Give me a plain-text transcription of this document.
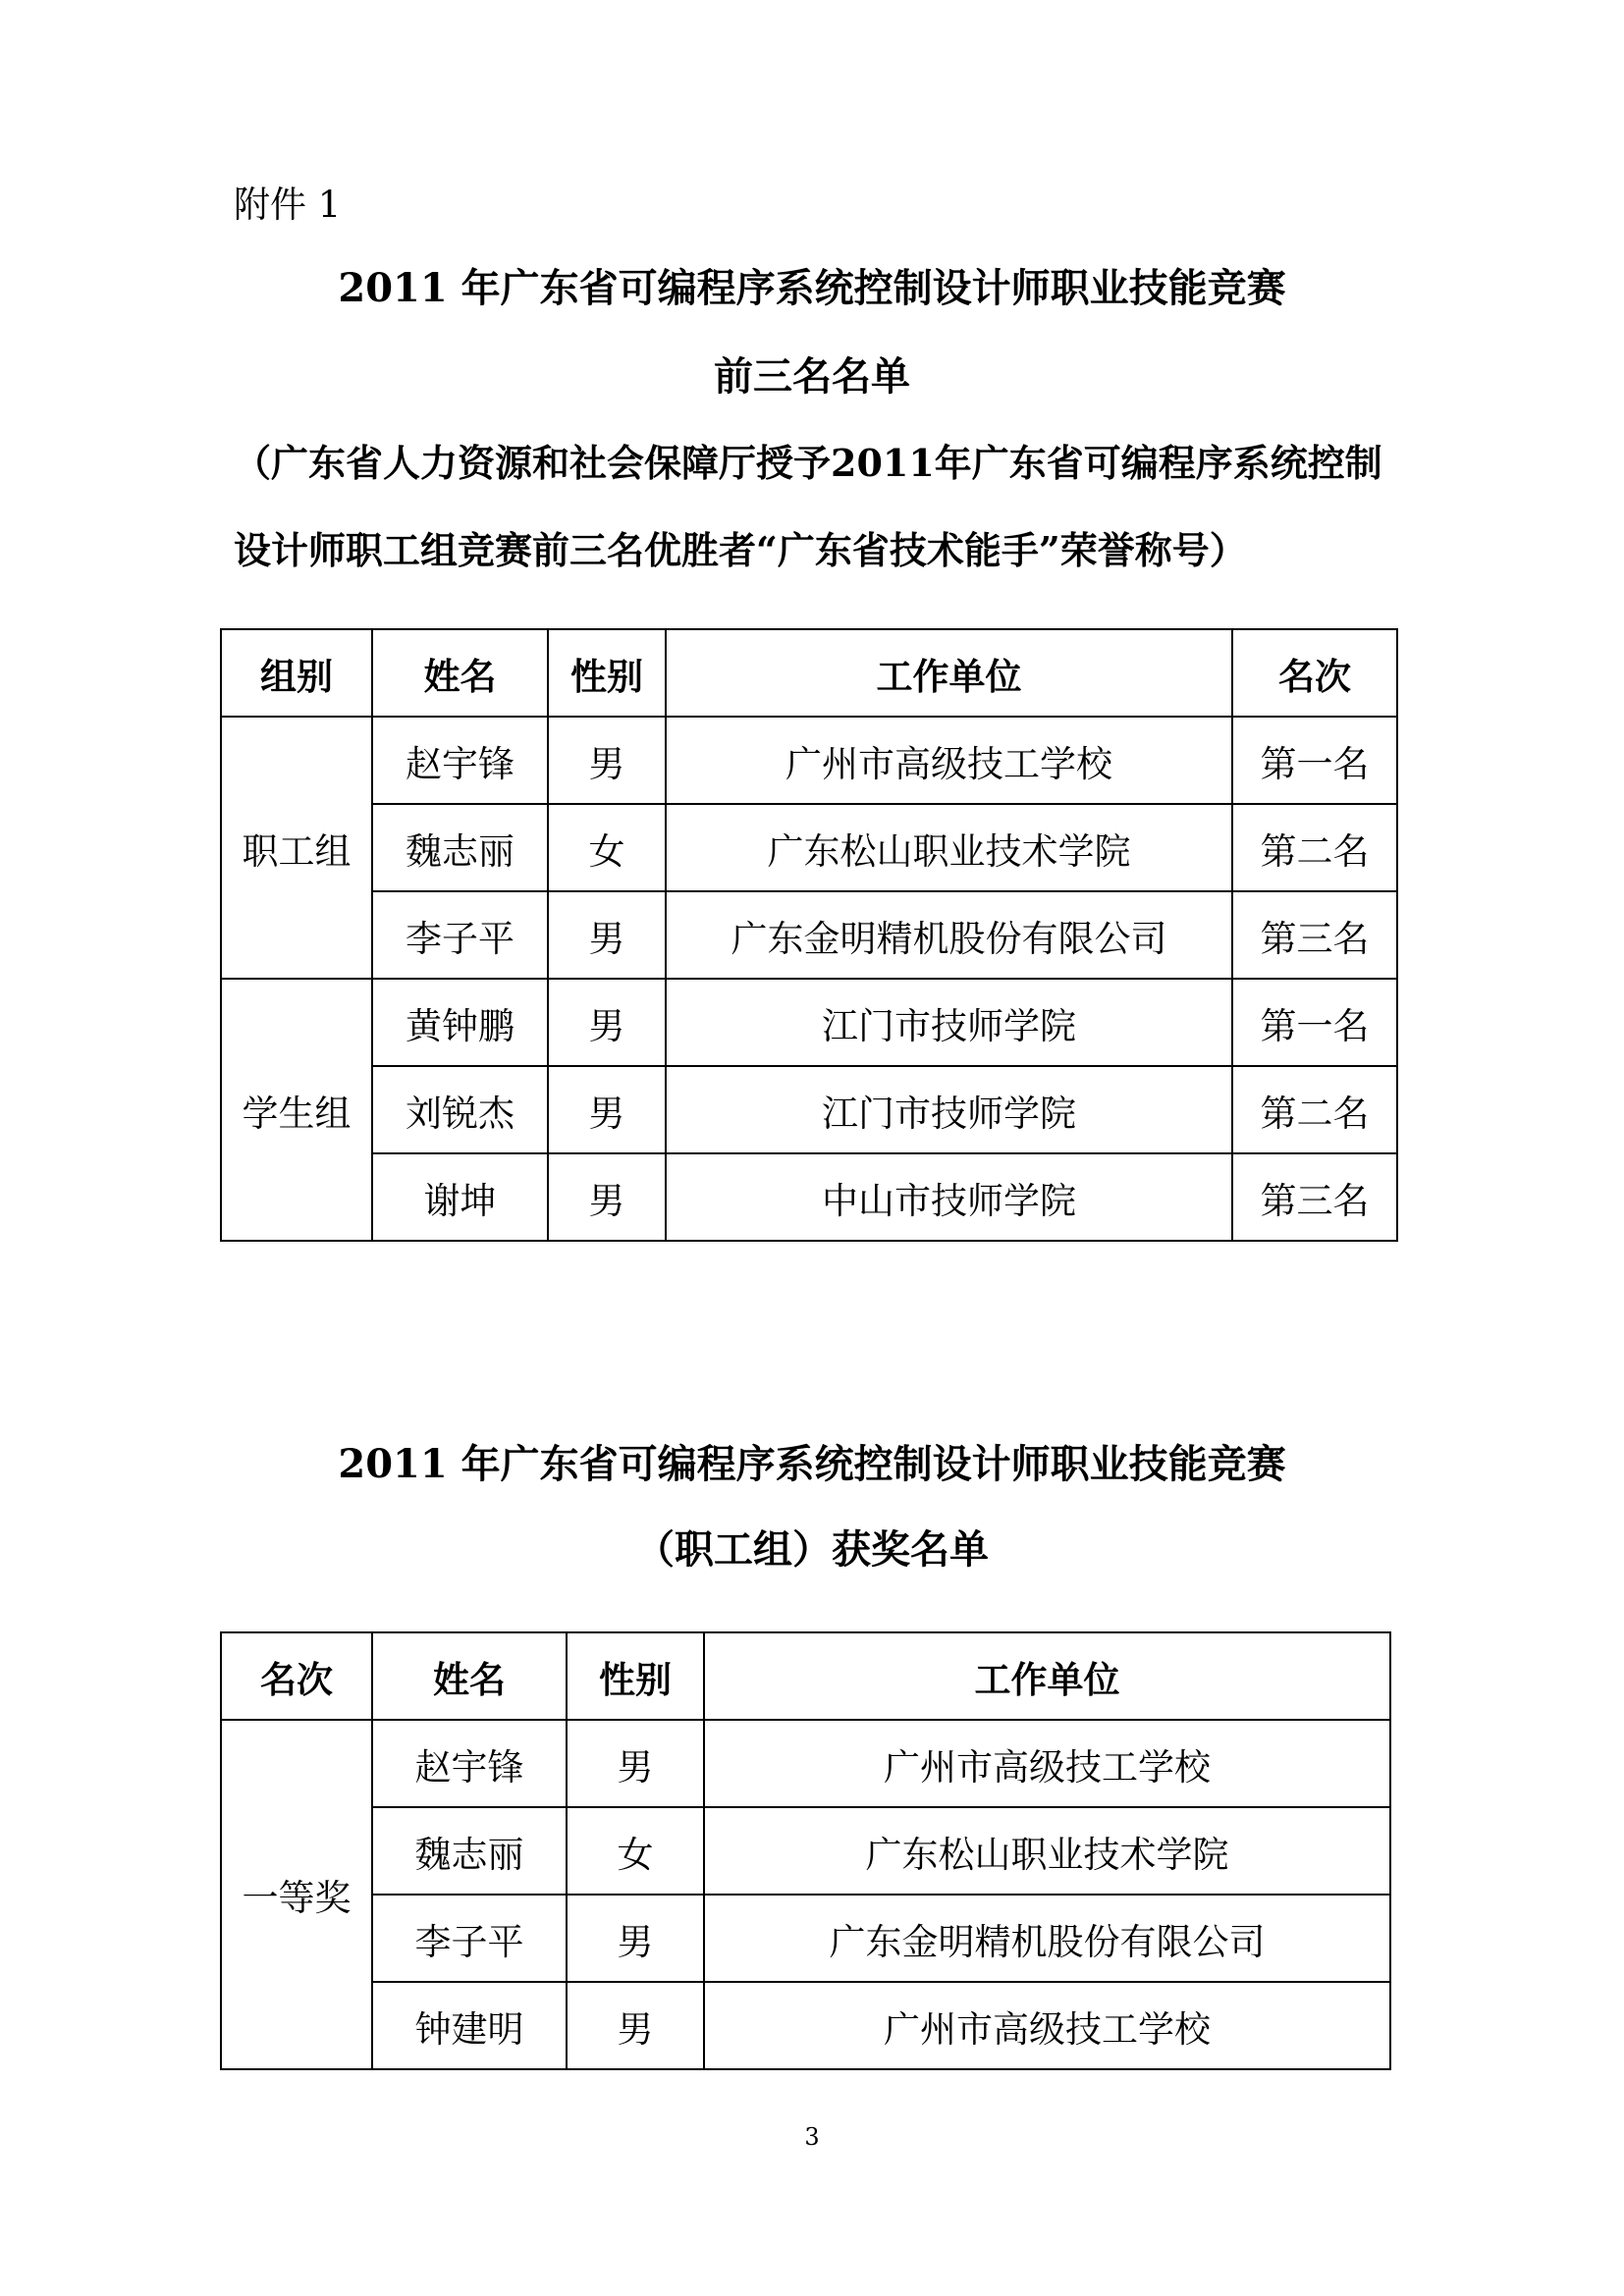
附件 1
2011 年广东省可编程序系统控制设计师职业技能竞赛
前三名名单
（广东省人力资源和社会保障厅授予2011年广东省可编程序系统控制
设计师职工组竞赛前三名优胜者“广东省技术能手”荣誉称号）
组别	姓名	性别	工作单位	名次
职工组	赵宇锋	男	广州市高级技工学校	第一名
	魏志丽	女	广东松山职业技术学院	第二名
	李子平	男	广东金明精机股份有限公司	第三名
学生组	黄钟鹏	男	江门市技师学院	第一名
	刘锐杰	男	江门市技师学院	第二名
	谢坤	男	中山市技师学院	第三名
2011 年广东省可编程序系统控制设计师职业技能竞赛
（职工组）获奖名单
名次	姓名	性别	工作单位
一等奖	赵宇锋	男	广州市高级技工学校
	魏志丽	女	广东松山职业技术学院
	李子平	男	广东金明精机股份有限公司
	钟建明	男	广州市高级技工学校
3
